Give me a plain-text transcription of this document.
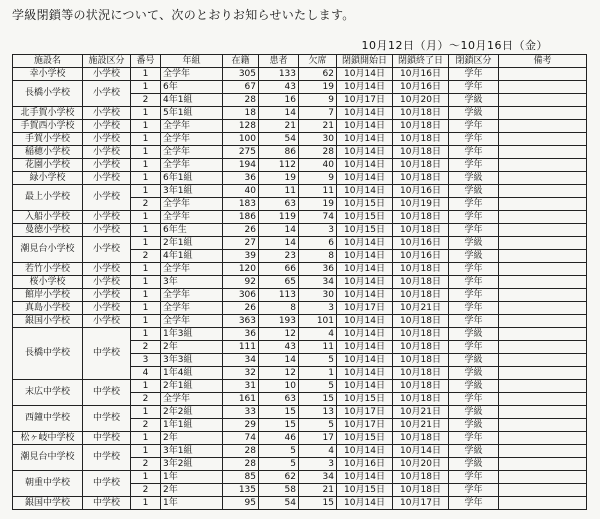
学級閉鎖等の状況について、次のとおりお知らせいたします。
10月12日（月）～10月16日（金）
施設名	施設区分	番号	年組	在籍	患者	欠席	閉鎖開始日	閉鎖終了日	閉鎖区分	備考
幸小学校	小学校	1	全学年	305	133	62	10月14日	10月16日	学年	
長橋小学校	小学校	1	6年	67	43	19	10月14日	10月16日	学年	
		2	4年1組	28	16	9	10月17日	10月20日	学級	
北手賀小学校	小学校	1	5年1組	18	14	7	10月14日	10月18日	学級	
手賀西小学校	小学校	1	全学年	128	21	21	10月14日	10月18日	学年	
手賀小学校	小学校	1	全学年	100	54	30	10月14日	10月18日	学年	
稲穂小学校	小学校	1	全学年	275	86	28	10月14日	10月18日	学年	
花園小学校	小学校	1	全学年	194	112	40	10月14日	10月18日	学年	
緑小学校	小学校	1	6年1組	36	19	9	10月14日	10月18日	学級	
最上小学校	小学校	1	3年1組	40	11	11	10月14日	10月16日	学級	
		2	全学年	183	63	19	10月15日	10月19日	学年	
入船小学校	小学校	1	全学年	186	119	74	10月15日	10月18日	学年	
曼徳小学校	小学校	1	6年生	26	14	3	10月15日	10月18日	学年	
潮見台小学校	小学校	1	2年1組	27	14	6	10月14日	10月16日	学級	
		2	4年1組	39	23	8	10月14日	10月16日	学級	
若竹小学校	小学校	1	全学年	120	66	36	10月14日	10月18日	学年	
桜小学校	小学校	1	3年	92	65	34	10月14日	10月18日	学年	
館岸小学校	小学校	1	全学年	306	113	30	10月14日	10月18日	学年	
真島小学校	小学校	1	全学年	26	8	3	10月17日	10月21日	学年	
銀国小学校	小学校	1	全学年	363	193	101	10月14日	10月18日	学年	
長橋中学校	中学校	1	1年3組	36	12	4	10月14日	10月18日	学級	
		2	2年	111	43	11	10月14日	10月18日	学年	
		3	3年3組	34	14	5	10月14日	10月18日	学級	
		4	1年4組	32	12	1	10月14日	10月18日	学級	
末広中学校	中学校	1	2年1組	31	10	5	10月14日	10月18日	学級	
		2	全学年	161	63	15	10月15日	10月18日	学年	
西鐘中学校	中学校	1	2年2組	33	15	13	10月17日	10月21日	学級	
		2	1年1組	29	15	5	10月17日	10月21日	学級	
松ヶ岐中学校	中学校	1	2年	74	46	17	10月15日	10月18日	学年	
潮見台中学校	中学校	1	3年1組	28	5	4	10月14日	10月14日	学級	
		2	3年2組	28	5	3	10月16日	10月20日	学級	
朝重中学校	中学校	1	1年	85	62	34	10月14日	10月18日	学年	
		2	2年	135	58	21	10月15日	10月18日	学年	
銀国中学校	中学校	1	1年	95	54	15	10月14日	10月17日	学年	
